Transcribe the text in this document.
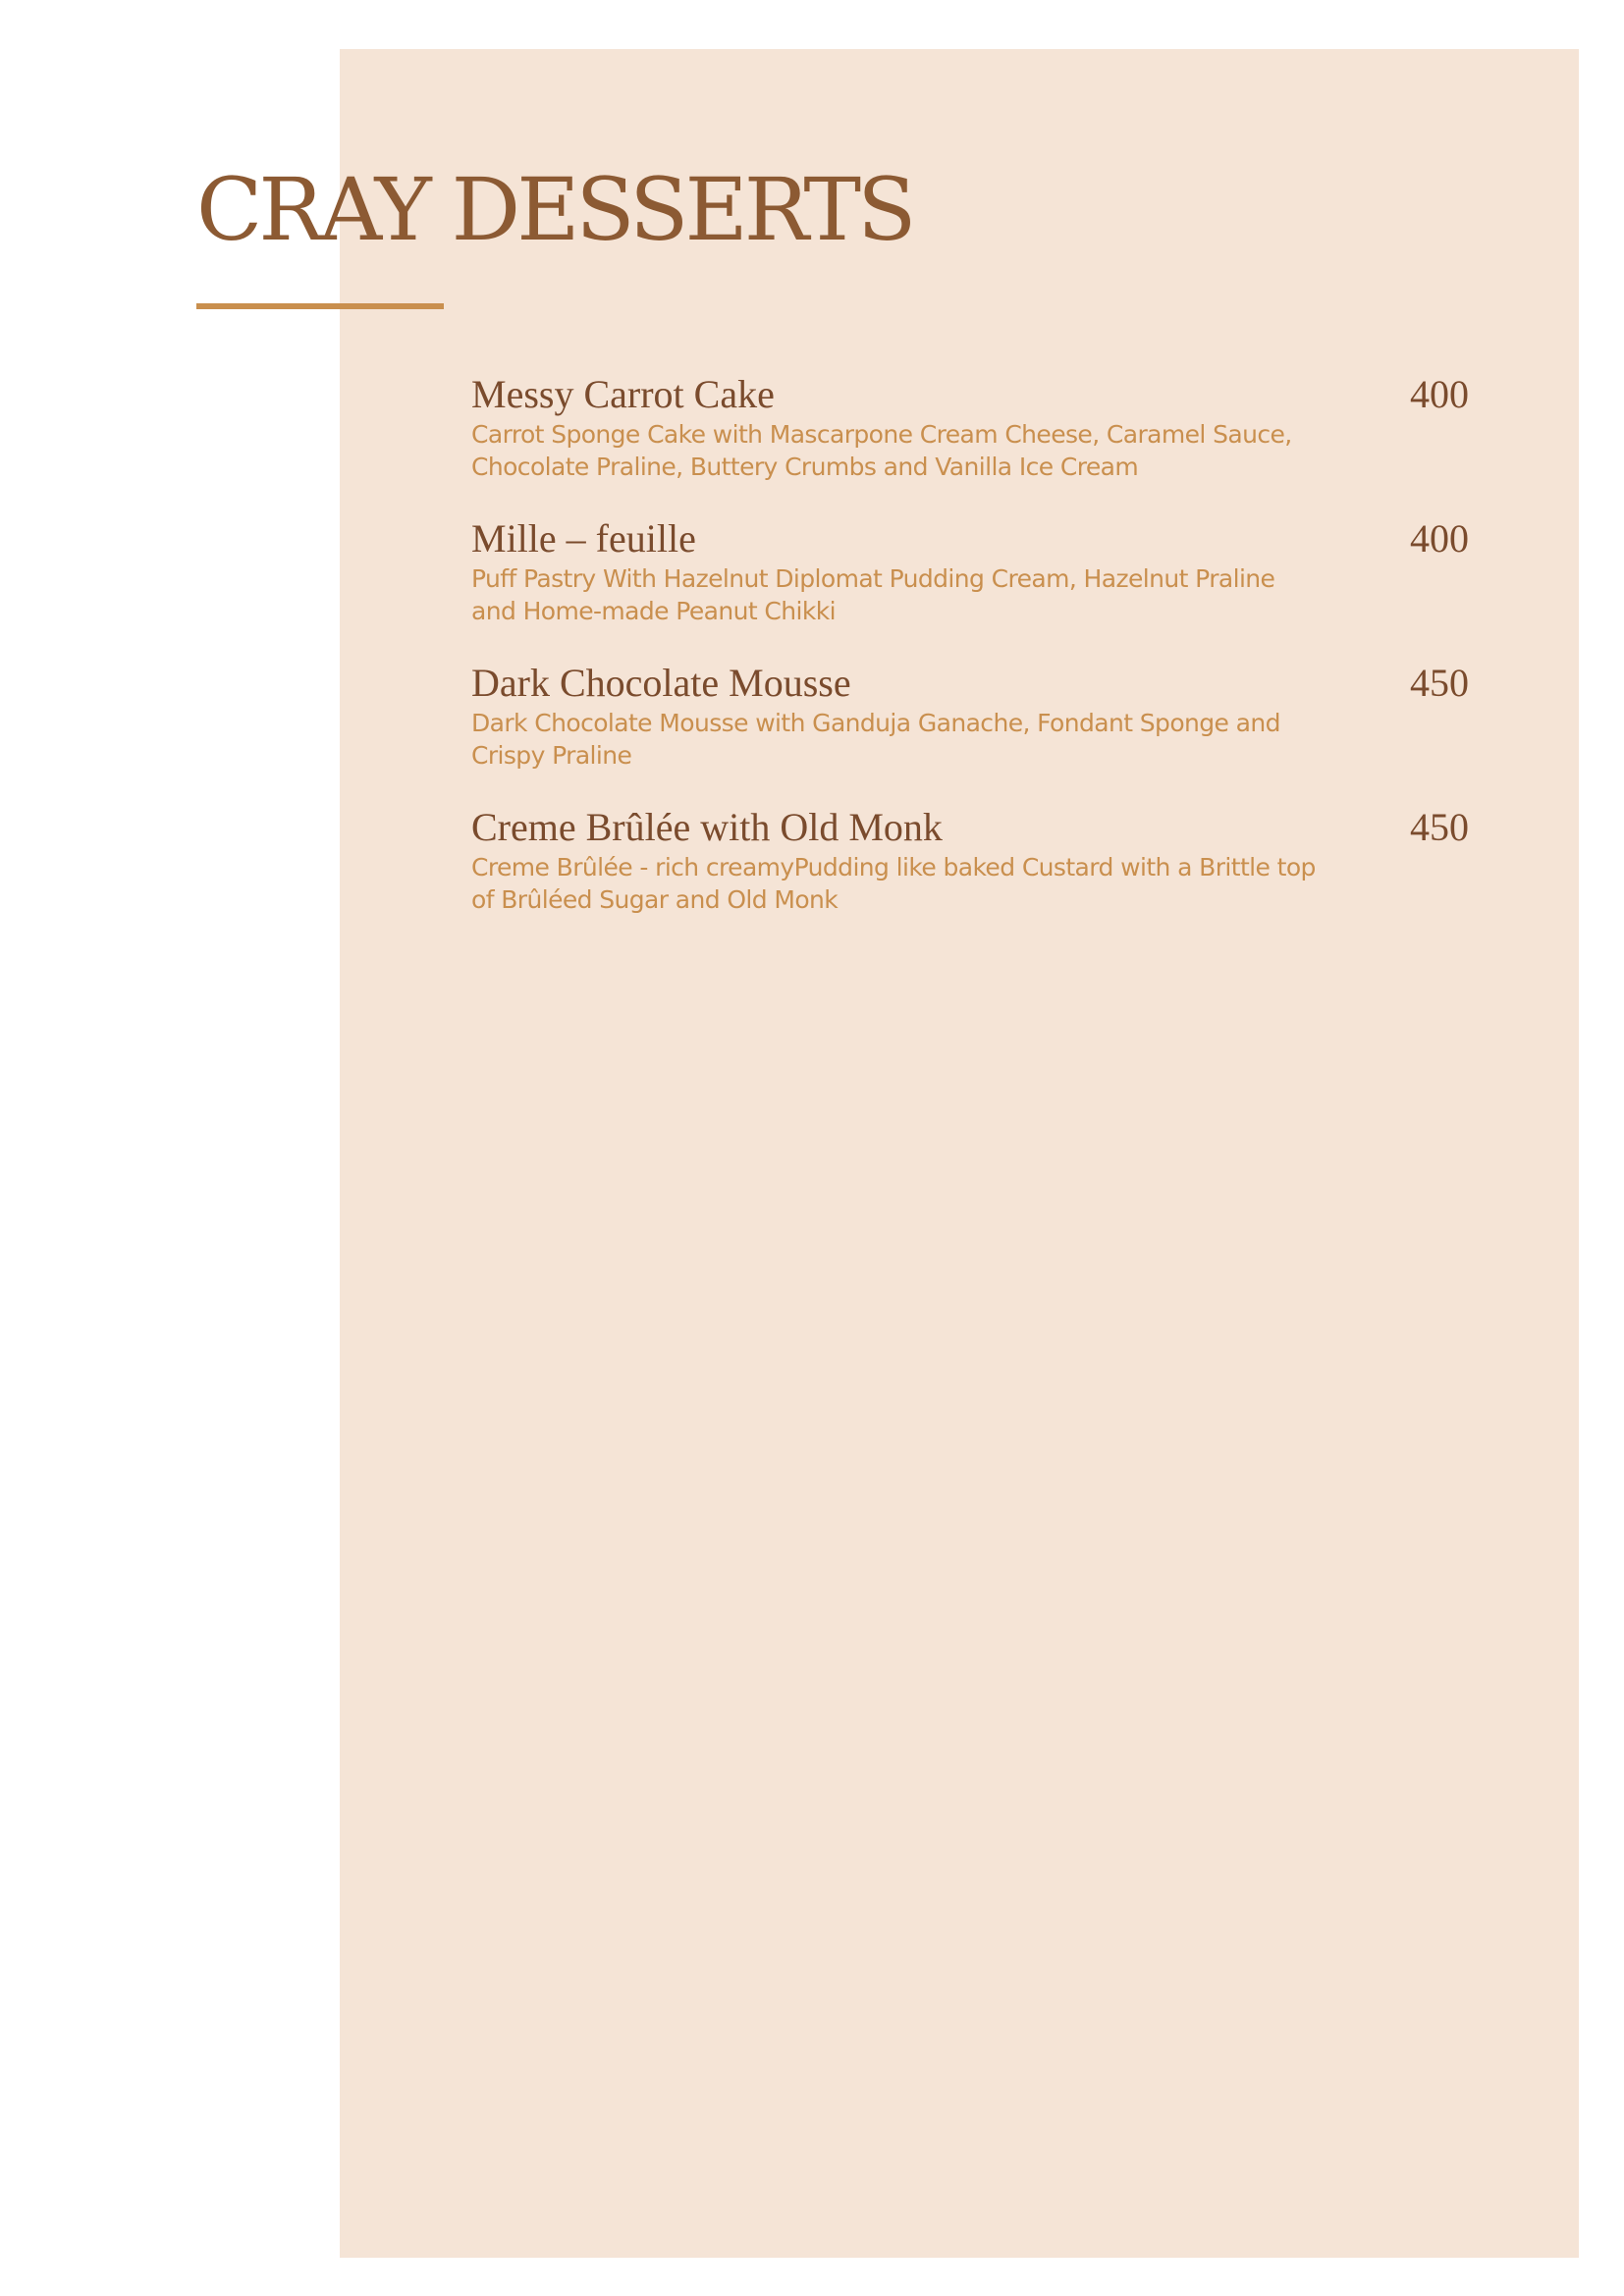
CRAY DESSERTS
Messy Carrot Cake	400
Carrot Sponge Cake with Mascarpone Cream Cheese, Caramel Sauce, Chocolate Praline, Buttery Crumbs and Vanilla Ice Cream
Mille – feuille	400
Puff Pastry With Hazelnut Diplomat Pudding Cream, Hazelnut Praline and Home-made Peanut Chikki
Dark Chocolate Mousse	450
Dark Chocolate Mousse with Ganduja Ganache, Fondant Sponge and Crispy Praline
Creme Brûlée with Old Monk	450
Creme Brûlée - rich creamyPudding like baked Custard with a Brittle top of Brûléed Sugar and Old Monk
